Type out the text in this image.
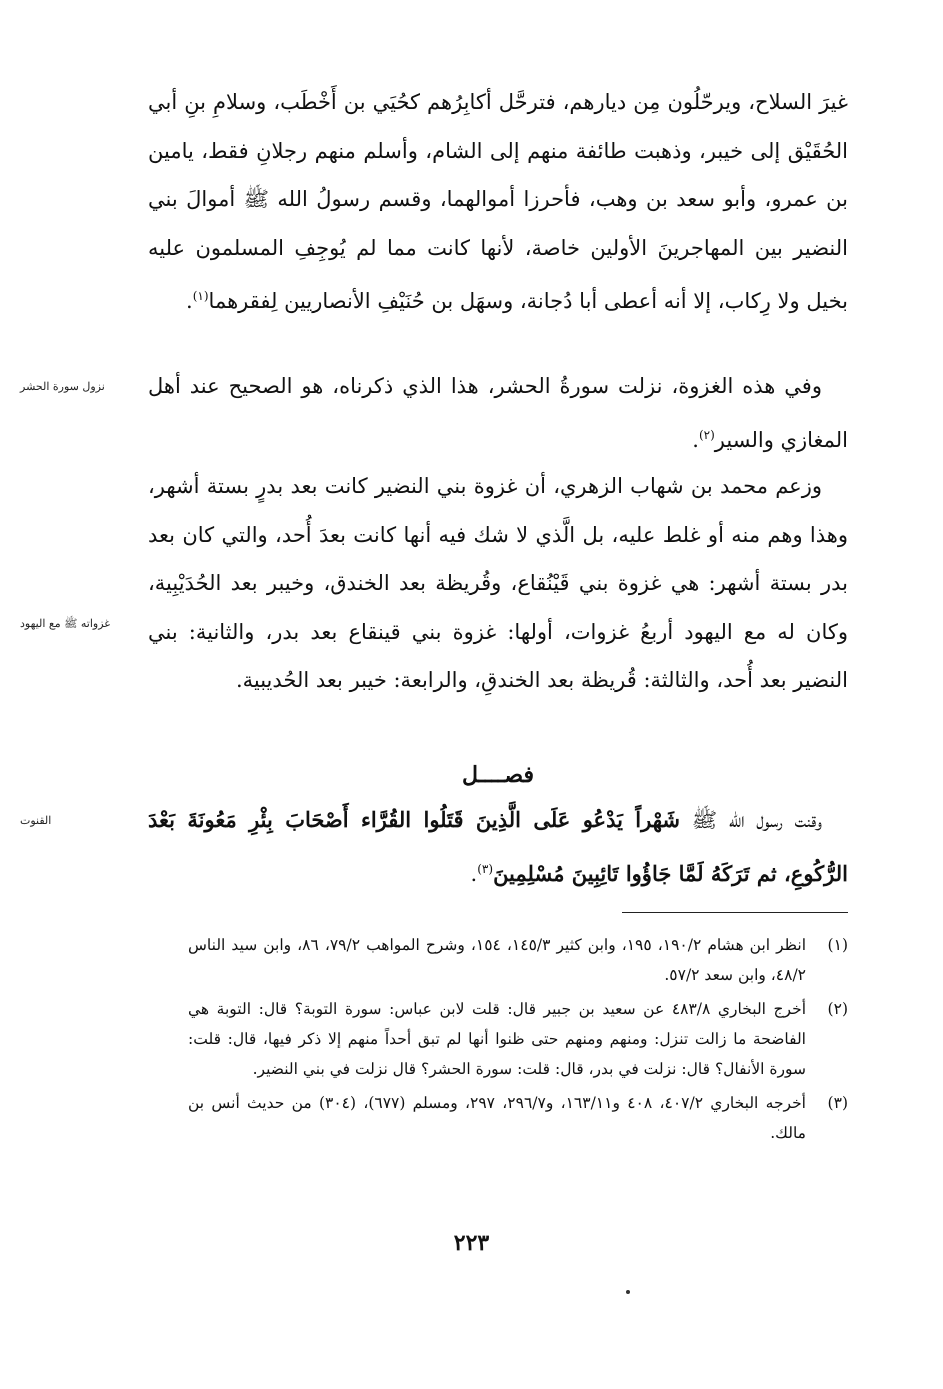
غيرَ السلاح، ويرحّلُون مِن ديارهم، فترحَّل أكابِرُهم كحُيَي بن أَخْطَب، وسلامِ بنِ أبي الحُقَيْق إلى خيبر، وذهبت طائفة منهم إلى الشام، وأسلم منهم رجلانِ فقط، يامين بن عمرو، وأبو سعد بن وهب، فأحرزا أموالهما، وقسم رسولُ الله ﷺ أموالَ بني النضير بين المهاجرينَ الأولين خاصة، لأنها كانت مما لم يُوجِفِ المسلمون عليه بخيل ولا رِكاب، إلا أنه أعطى أبا دُجانة، وسهَل بن حُنَيْفِ الأنصاريين لِفقرهما$^{(١)}$.

وفي هذه الغزوة، نزلت سورةُ الحشر، هذا الذي ذكرناه، هو الصحيح عند أهل المغازي والسير$^{(٢)}$.

وزعم محمد بن شهاب الزهري، أن غزوة بني النضير كانت بعد بدرٍ بستة أشهر، وهذا وهم منه أو غلط عليه، بل الَّذي لا شك فيه أنها كانت بعدَ أُحد، والتي كان بعد بدر بستة أشهر: هي غزوة بني قَيْنُقاع، وقُريظة بعد الخندق، وخيبر بعد الحُدَيْبِية، وكان له مع اليهود أربعُ غزوات، أولها: غزوة بني قينقاع بعد بدر، والثانية: بني النضير بعد أُحد، والثالثة: قُريظة بعد الخندقِ، والرابعة: خيبر بعد الحُديبية.

فصــــل

وقنت رسول الله ﷺ شَهْراً يَدْعُو عَلَى الَّذِينَ قَتَلُوا القُرَّاء أَصْحَابَ بِئْرِ مَعُونَةَ بَعْدَ الرُّكُوعِ، ثم تَرَكَهُ لَمَّا جَاؤُوا تَائِبِينَ مُسْلِمِينَ$^{(٣)}$.

نزول سورة الحشر
غزواته ﷺ مع اليهود
القنوت

(١)
انظر ابن هشام ١٩٠/٢، ١٩٥، وابن كثير ١٤٥/٣، ١٥٤، وشرح المواهب ٧٩/٢، ٨٦، وابن سيد الناس ٤٨/٢، وابن سعد ٥٧/٢.

(٢)
أخرج البخاري ٤٨٣/٨ عن سعيد بن جبير قال: قلت لابن عباس: سورة التوبة؟ قال: التوبة هي الفاضحة ما زالت تنزل: ومنهم ومنهم حتى ظنوا أنها لم تبق أحداً منهم إلا ذكر فيها، قال: قلت: سورة الأنفال؟ قال: نزلت في بدر، قال: قلت: سورة الحشر؟ قال نزلت في بني النضير.

(٣)
أخرجه البخاري ٤٠٧/٢، ٤٠٨ و١٦٣/١١، و٢٩٦/٧، ٢٩٧، ومسلم (٦٧٧)، (٣٠٤) من حديث أنس بن مالك.

٢٢٣
